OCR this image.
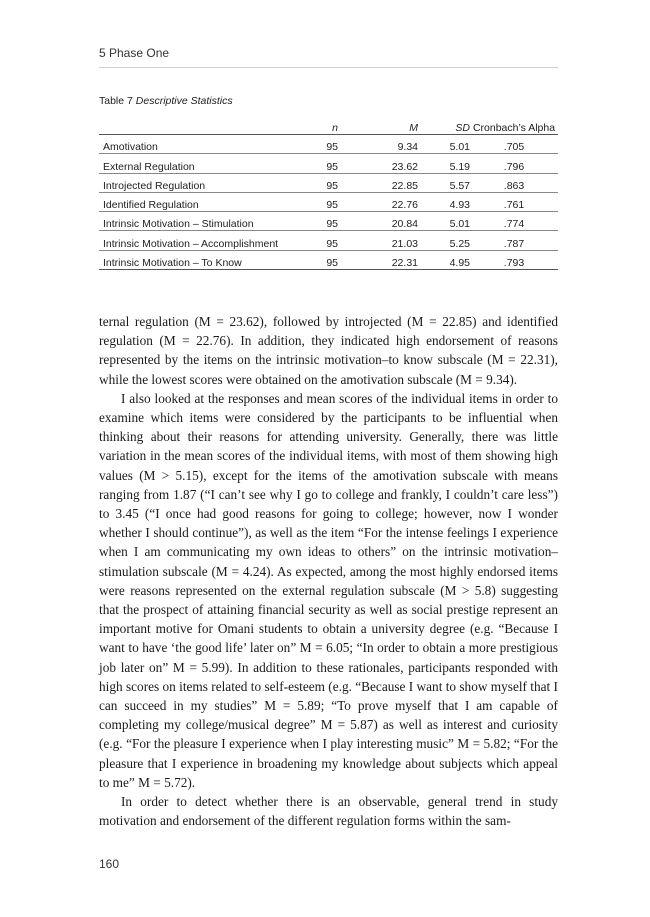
5 Phase One
Table 7 Descriptive Statistics
	n	M	SD	Cronbach’s Alpha
Amotivation	95	9.34	5.01	.705
External Regulation	95	23.62	5.19	.796
Introjected Regulation	95	22.85	5.57	.863
Identified Regulation	95	22.76	4.93	.761
Intrinsic Motivation – Stimulation	95	20.84	5.01	.774
Intrinsic Motivation – Accomplishment	95	21.03	5.25	.787
Intrinsic Motivation – To Know	95	22.31	4.95	.793

ternal regulation (M = 23.62), followed by introjected (M = 22.85) and identified regulation (M = 22.76). In addition, they indicated high endorsement of reasons represented by the items on the intrinsic motivation–to know subscale (M = 22.31), while the lowest scores were obtained on the amotivation subscale (M = 9.34).

I also looked at the responses and mean scores of the individual items in order to examine which items were considered by the participants to be influential when thinking about their reasons for attending university. Generally, there was little variation in the mean scores of the individual items, with most of them showing high values (M > 5.15), except for the items of the amotivation subscale with means ranging from 1.87 (“I can’t see why I go to college and frankly, I couldn’t care less”) to 3.45 (“I once had good reasons for going to college; however, now I wonder whether I should continue”), as well as the item “For the intense feelings I experience when I am communicating my own ideas to others” on the intrinsic motivation–stimulation subscale (M = 4.24). As expected, among the most highly endorsed items were reasons represented on the external regulation subscale (M > 5.8) suggesting that the prospect of attaining financial security as well as social prestige represent an important motive for Omani students to obtain a university degree (e.g. “Because I want to have ‘the good life’ later on” M = 6.05; “In order to obtain a more prestigious job later on” M = 5.99). In addition to these rationales, participants responded with high scores on items related to self-esteem (e.g. “Because I want to show myself that I can succeed in my studies” M = 5.89; “To prove myself that I am capable of completing my college/musical degree” M = 5.87) as well as interest and curiosity (e.g. “For the pleasure I experience when I play interesting music” M = 5.82; “For the pleasure that I experience in broadening my knowledge about subjects which appeal to me” M = 5.72).

In order to detect whether there is an observable, general trend in study motivation and endorsement of the different regulation forms within the sam-

160
